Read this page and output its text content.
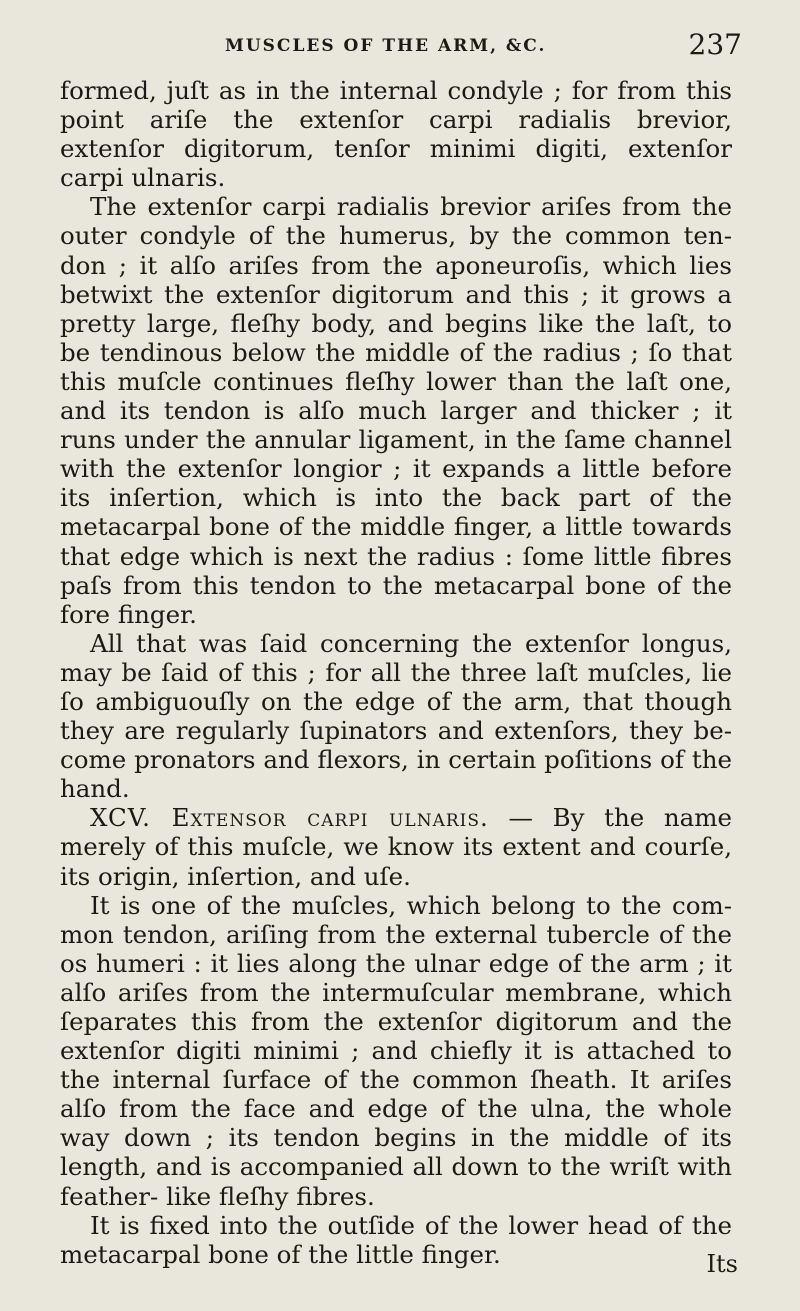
MUSCLES OF THE ARM, &C.	237

formed, juſt as in the internal condyle ; for from this point ariſe the extenſor carpi radialis brevior, extenſor digitorum, tenſor minimi digiti, extenſor carpi ulnaris.

The extenſor carpi radialis brevior ariſes from the outer condyle of the humerus, by the common ten- don ; it alſo ariſes from the aponeuroſis, which lies betwixt the extenſor digitorum and this ; it grows a pretty large, fleſhy body, and begins like the laſt, to be tendinous below the middle of the radius ; ſo that this muſcle continues fleſhy lower than the laſt one, and its tendon is alſo much larger and thicker ; it runs under the annular ligament, in the ſame channel with the extenſor longior ; it expands a little before its inſertion, which is into the back part of the metacarpal bone of the middle finger, a little towards that edge which is next the radius : ſome little fibres paſs from this tendon to the metacarpal bone of the fore finger.

All that was ſaid concerning the extenſor longus, may be ſaid of this ; for all the three laſt muſcles, lie ſo ambiguouſly on the edge of the arm, that though they are regularly ſupinators and extenſors, they be- come pronators and flexors, in certain poſitions of the hand.

XCV. Extensor carpi ulnaris. — By the name merely of this muſcle, we know its extent and courſe, its origin, inſertion, and uſe.

It is one of the muſcles, which belong to the com- mon tendon, ariſing from the external tubercle of the os humeri : it lies along the ulnar edge of the arm ; it alſo ariſes from the intermuſcular membrane, which ſeparates this from the extenſor digitorum and the extenſor digiti minimi ; and chiefly it is attached to the internal ſurface of the common ſheath. It ariſes alſo from the face and edge of the ulna, the whole way down ; its tendon begins in the middle of its length, and is accompanied all down to the wriſt with feather- like fleſhy fibres.

It is fixed into the outſide of the lower head of the metacarpal bone of the little finger.	Its
